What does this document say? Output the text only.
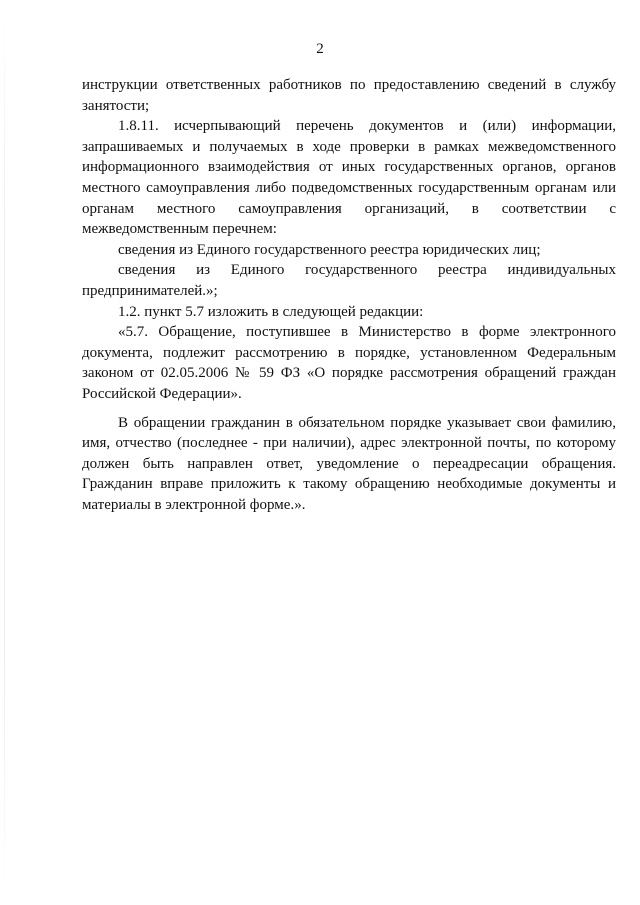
2

инструкции ответственных работников по предоставлению сведений в службу занятости;

1.8.11. исчерпывающий перечень документов и (или) информации, запрашиваемых и получаемых в ходе проверки в рамках межведомственного информационного взаимодействия от иных государственных органов, органов местного самоуправления либо подведомственных государственным органам или органам местного самоуправления организаций, в соответствии с межведомственным перечнем:

сведения из Единого государственного реестра юридических лиц;

сведения из Единого государственного реестра индивидуальных предпринимателей.»;

1.2. пункт 5.7 изложить в следующей редакции:

«5.7. Обращение, поступившее в Министерство в форме электронного документа, подлежит рассмотрению в порядке, установленном Федеральным законом от 02.05.2006 № 59 ФЗ «О порядке рассмотрения обращений граждан Российской Федерации».

В обращении гражданин в обязательном порядке указывает свои фамилию, имя, отчество (последнее - при наличии), адрес электронной почты, по которому должен быть направлен ответ, уведомление о переадресации обращения. Гражданин вправе приложить к такому обращению необходимые документы и материалы в электронной форме.».
